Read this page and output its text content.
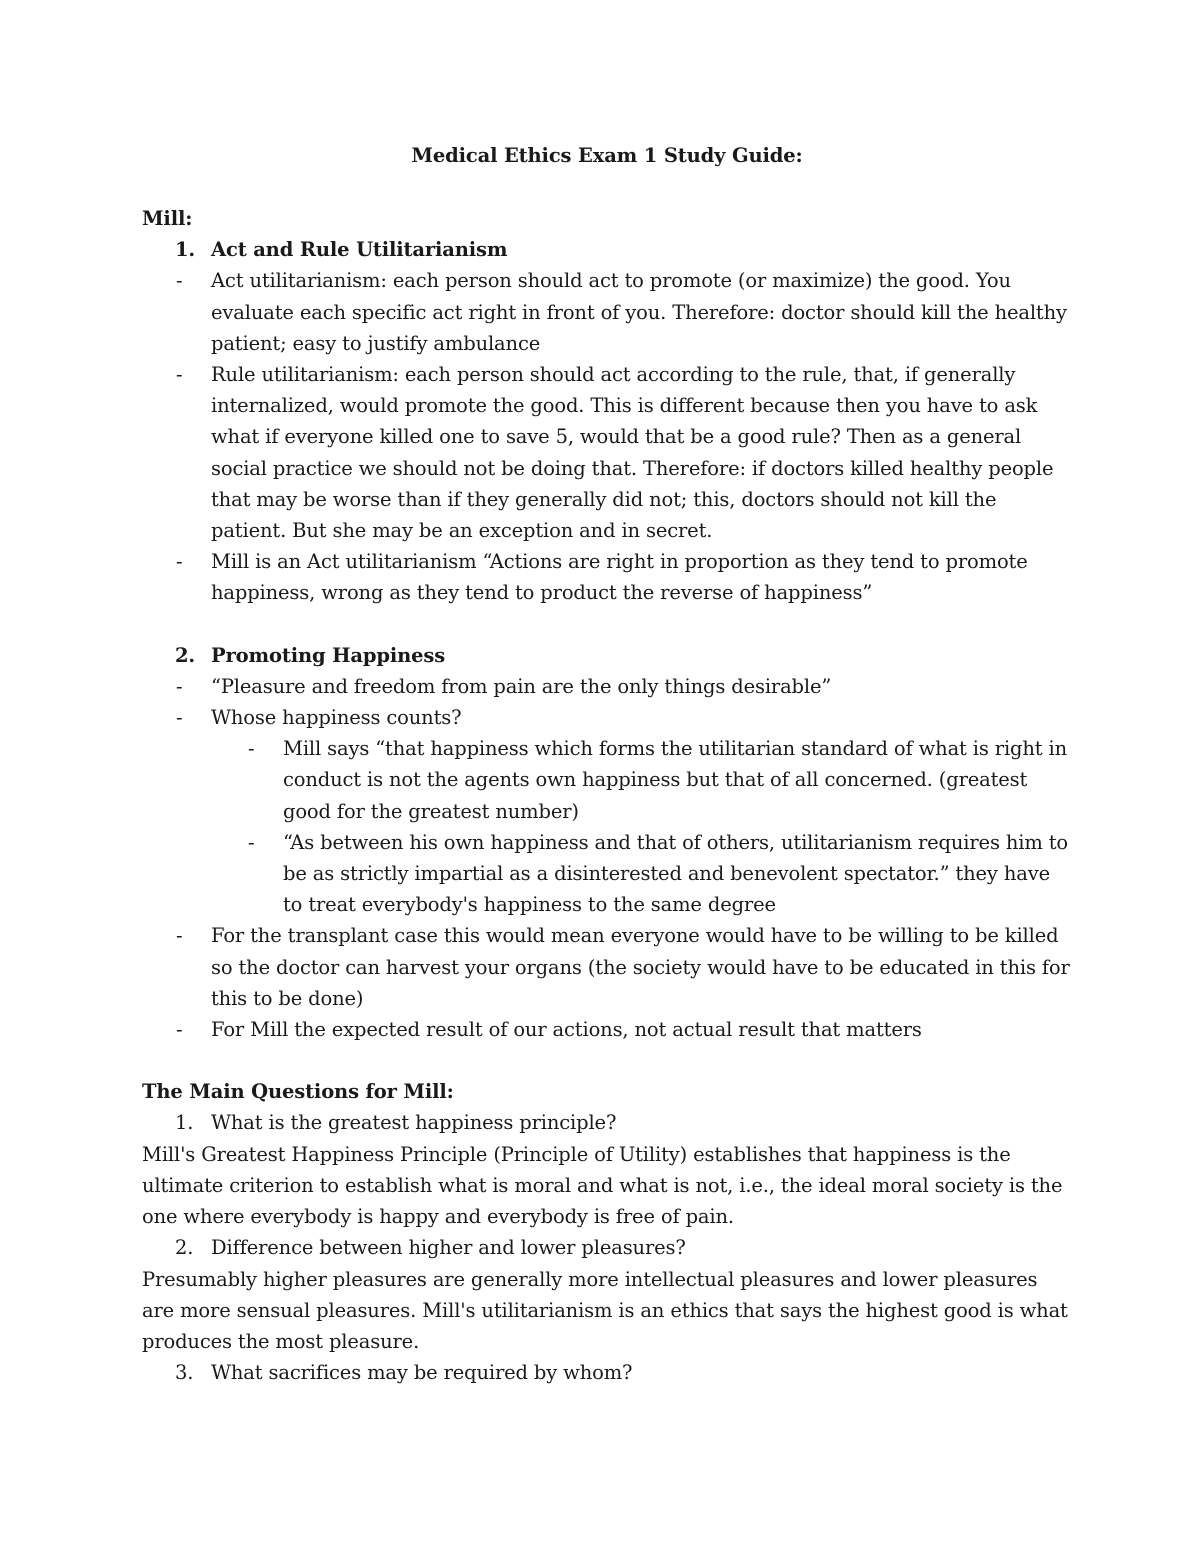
Medical Ethics Exam 1 Study Guide:

Mill:

1. Act and Rule Utilitarianism

- Act utilitarianism: each person should act to promote (or maximize) the good. You evaluate each specific act right in front of you. Therefore: doctor should kill the healthy patient; easy to justify ambulance

- Rule utilitarianism: each person should act according to the rule, that, if generally internalized, would promote the good. This is different because then you have to ask what if everyone killed one to save 5, would that be a good rule? Then as a general social practice we should not be doing that. Therefore: if doctors killed healthy people that may be worse than if they generally did not; this, doctors should not kill the patient. But she may be an exception and in secret.

- Mill is an Act utilitarianism “Actions are right in proportion as they tend to promote happiness, wrong as they tend to product the reverse of happiness”

2. Promoting Happiness

- “Pleasure and freedom from pain are the only things desirable”

- Whose happiness counts?

- Mill says “that happiness which forms the utilitarian standard of what is right in conduct is not the agents own happiness but that of all concerned. (greatest good for the greatest number)

- “As between his own happiness and that of others, utilitarianism requires him to be as strictly impartial as a disinterested and benevolent spectator.” they have to treat everybody's happiness to the same degree

- For the transplant case this would mean everyone would have to be willing to be killed so the doctor can harvest your organs (the society would have to be educated in this for this to be done)

- For Mill the expected result of our actions, not actual result that matters

The Main Questions for Mill:

1. What is the greatest happiness principle?

Mill's Greatest Happiness Principle (Principle of Utility) establishes that happiness is the ultimate criterion to establish what is moral and what is not, i.e., the ideal moral society is the one where everybody is happy and everybody is free of pain.

2. Difference between higher and lower pleasures?

Presumably higher pleasures are generally more intellectual pleasures and lower pleasures are more sensual pleasures. Mill's utilitarianism is an ethics that says the highest good is what produces the most pleasure.

3. What sacrifices may be required by whom?
